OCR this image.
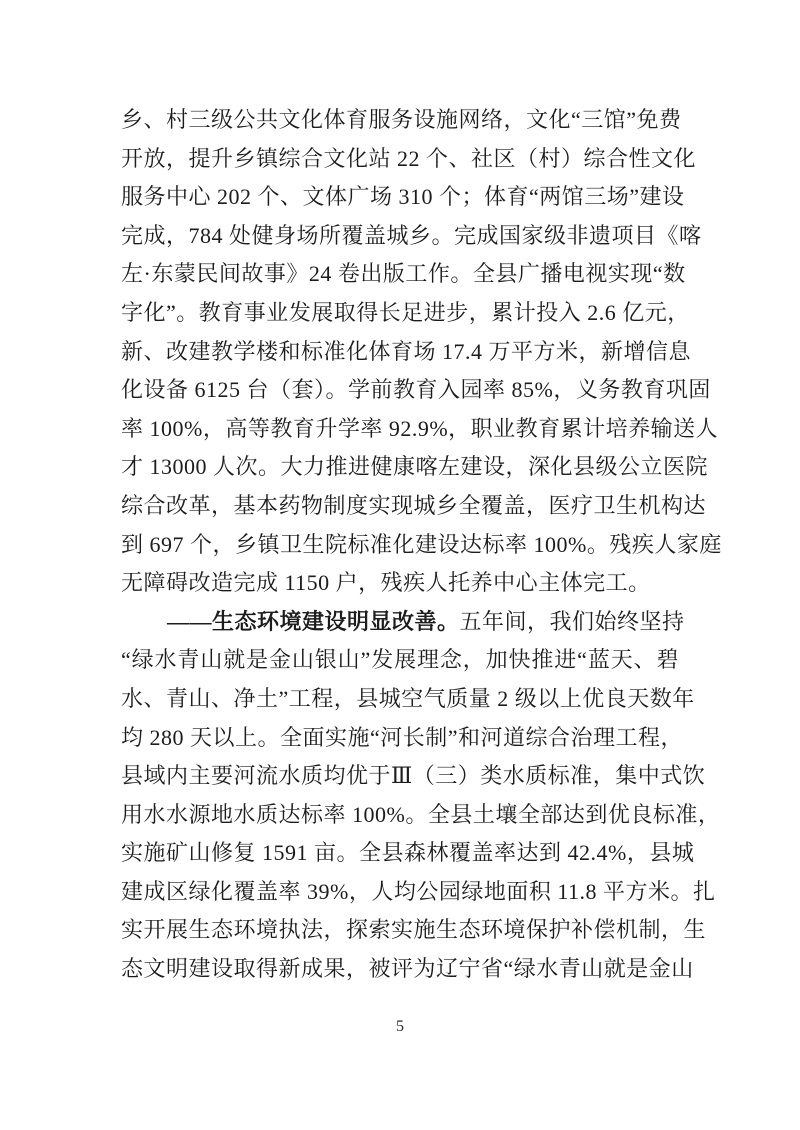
乡、村三级公共文化体育服务设施网络，文化“三馆”免费
开放，提升乡镇综合文化站 22 个、社区（村）综合性文化
服务中心 202 个、文体广场 310 个；体育“两馆三场”建设
完成，784 处健身场所覆盖城乡。完成国家级非遗项目《喀
左·东蒙民间故事》24 卷出版工作。全县广播电视实现“数
字化”。教育事业发展取得长足进步，累计投入 2.6 亿元，
新、改建教学楼和标准化体育场 17.4 万平方米，新增信息
化设备 6125 台（套）。学前教育入园率 85%，义务教育巩固
率 100%，高等教育升学率 92.9%，职业教育累计培养输送人
才 13000 人次。大力推进健康喀左建设，深化县级公立医院
综合改革，基本药物制度实现城乡全覆盖，医疗卫生机构达
到 697 个，乡镇卫生院标准化建设达标率 100%。残疾人家庭
无障碍改造完成 1150 户，残疾人托养中心主体完工。
——生态环境建设明显改善。五年间，我们始终坚持
“绿水青山就是金山银山”发展理念，加快推进“蓝天、碧
水、青山、净土”工程，县城空气质量 2 级以上优良天数年
均 280 天以上。全面实施“河长制”和河道综合治理工程，
县域内主要河流水质均优于Ⅲ（三）类水质标准，集中式饮
用水水源地水质达标率 100%。全县土壤全部达到优良标准，
实施矿山修复 1591 亩。全县森林覆盖率达到 42.4%，县城
建成区绿化覆盖率 39%，人均公园绿地面积 11.8 平方米。扎
实开展生态环境执法，探索实施生态环境保护补偿机制，生
态文明建设取得新成果，被评为辽宁省“绿水青山就是金山
5
